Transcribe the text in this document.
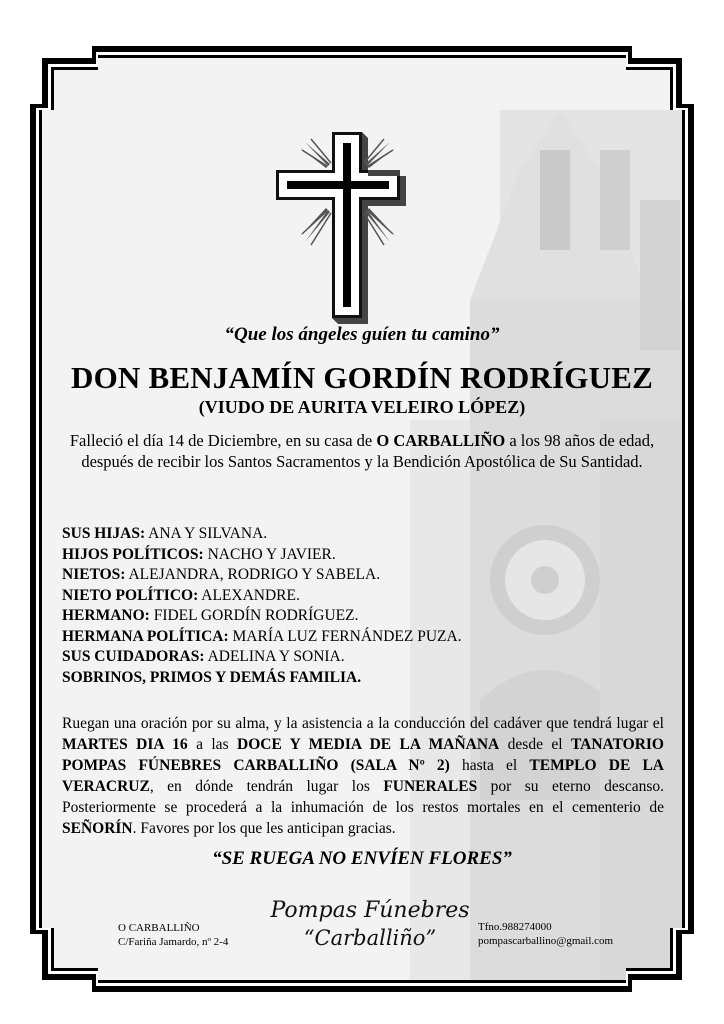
“Que los ángeles guíen tu camino”
DON BENJAMÍN GORDÍN RODRÍGUEZ
(VIUDO DE AURITA VELEIRO LÓPEZ)
Falleció el día 14 de Diciembre, en su casa de O CARBALLIÑO a los 98 años de edad, después de recibir los Santos Sacramentos y la Bendición Apostólica de Su Santidad.
SUS HIJAS: ANA Y SILVANA.
HIJOS POLÍTICOS: NACHO Y JAVIER.
NIETOS: ALEJANDRA, RODRIGO Y SABELA.
NIETO POLÍTICO: ALEXANDRE.
HERMANO: FIDEL GORDÍN RODRÍGUEZ.
HERMANA POLÍTICA: MARÍA LUZ FERNÁNDEZ PUZA.
SUS CUIDADORAS: ADELINA Y SONIA.
SOBRINOS, PRIMOS Y DEMÁS FAMILIA.
Ruegan una oración por su alma, y la asistencia a la conducción del cadáver que tendrá lugar el MARTES DIA 16 a las DOCE Y MEDIA DE LA MAÑANA desde el TANATORIO POMPAS FÚNEBRES CARBALLIÑO (SALA Nº 2) hasta el TEMPLO DE LA VERACRUZ, en dónde tendrán lugar los FUNERALES por su eterno descanso. Posteriormente se procederá a la inhumación de los restos mortales en el cementerio de SEÑORÍN. Favores por los que les anticipan gracias.
“SE RUEGA NO ENVÍEN FLORES”
O CARBALLIÑO
C/Fariña Jamardo, nº 2-4
Pompas Fúnebres
“Carballiño”	Tfno.988274000
pompascarballino@gmail.com
